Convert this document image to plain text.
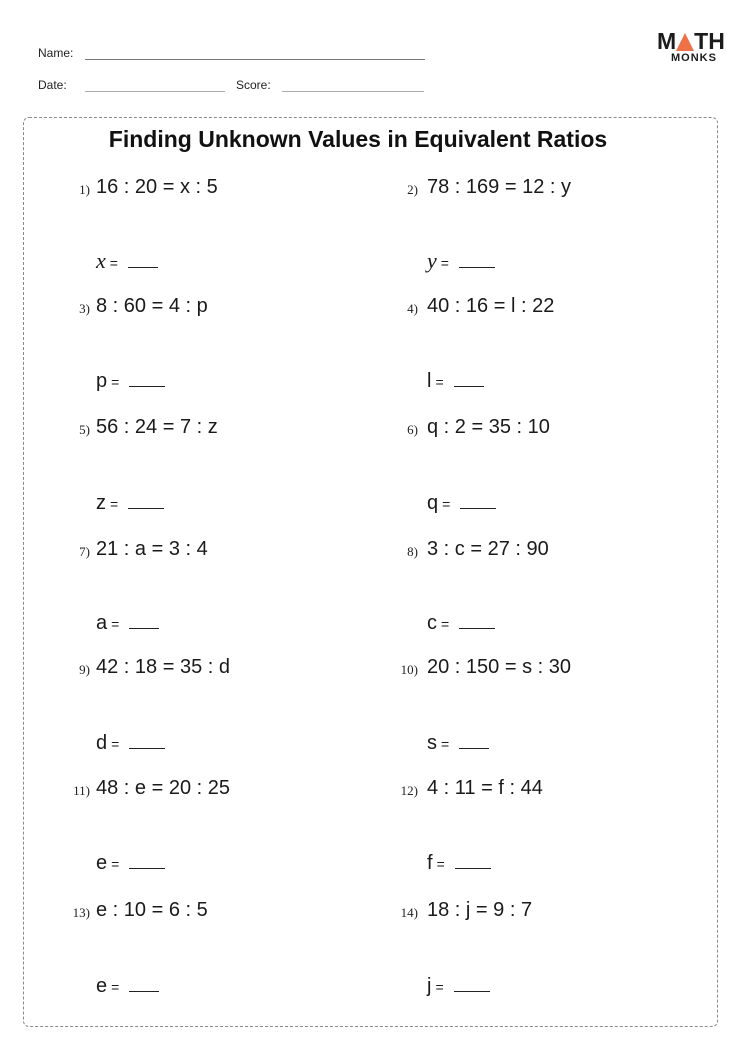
Name:
Date:	Score:
M TH
MONKS
Finding Unknown Values in Equivalent Ratios
1) 16 : 20 = x : 5
x =
2) 78 : 169 = 12 : y
y =
3) 8 : 60 = 4 : p
p =
4) 40 : 16 = l : 22
l =
5) 56 : 24 = 7 : z
z =
6) q : 2 = 35 : 10
q =
7) 21 : a = 3 : 4
a =
8) 3 : c = 27 : 90
c =
9) 42 : 18 = 35 : d
d =
10) 20 : 150 = s : 30
s =
11) 48 : e = 20 : 25
e =
12) 4 : 11 = f : 44
f =
13) e : 10 = 6 : 5
e =
14) 18 : j = 9 : 7
j =
